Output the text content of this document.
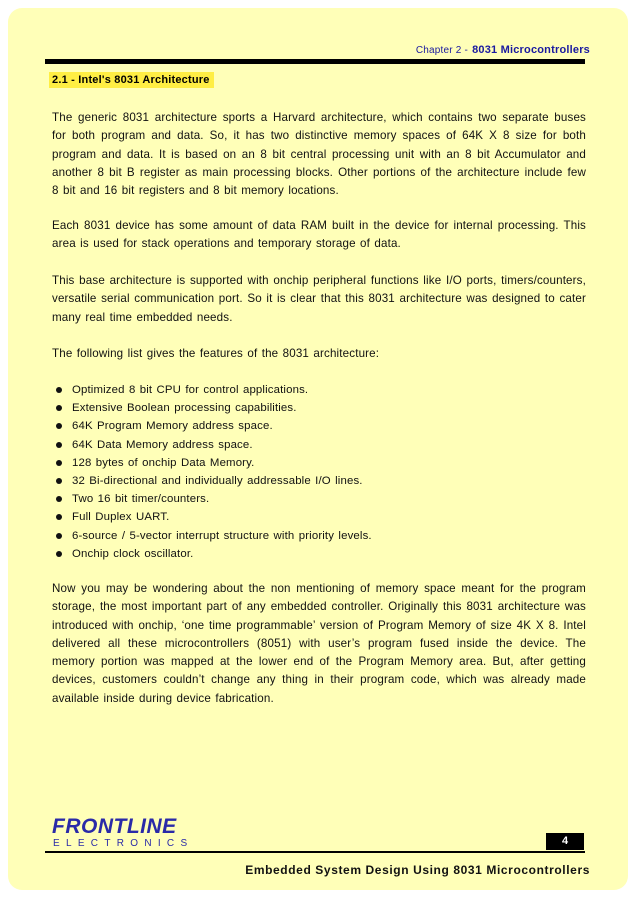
Chapter 2 - 8031 Microcontrollers
2.1 - Intel's 8031 Architecture
The generic 8031 architecture sports a Harvard architecture, which contains two separate buses for both program and data. So, it has two distinctive memory spaces of 64K X 8 size for both program and data. It is based on an 8 bit central processing unit with an 8 bit Accumulator and another 8 bit B register as main processing blocks. Other portions of the architecture include few 8 bit and 16 bit registers and 8 bit memory locations.
Each 8031 device has some amount of data RAM built in the device for internal processing. This area is used for stack operations and temporary storage of data.
This base architecture is supported with onchip peripheral functions like I/O ports, timers/counters, versatile serial communication port. So it is clear that this 8031 architecture was designed to cater many real time embedded needs.
The following list gives the features of the 8031 architecture:
Optimized 8 bit CPU for control applications.
Extensive Boolean processing capabilities.
64K Program Memory address space.
64K Data Memory address space.
128 bytes of onchip Data Memory.
32 Bi-directional and individually addressable I/O lines.
Two 16 bit timer/counters.
Full Duplex UART.
6-source / 5-vector interrupt structure with priority levels.
Onchip clock oscillator.
Now you may be wondering about the non mentioning of memory space meant for the program storage, the most important part of any embedded controller. Originally this 8031 architecture was introduced with onchip, ‘one time programmable’ version of Program Memory of size 4K X 8. Intel delivered all these microcontrollers (8051) with user’s program fused inside the device. The memory portion was mapped at the lower end of the Program Memory area. But, after getting devices, customers couldn’t change any thing in their program code, which was already made available inside during device fabrication.
FRONTLINE
ELECTRONICS	4
Embedded System Design Using 8031 Microcontrollers
